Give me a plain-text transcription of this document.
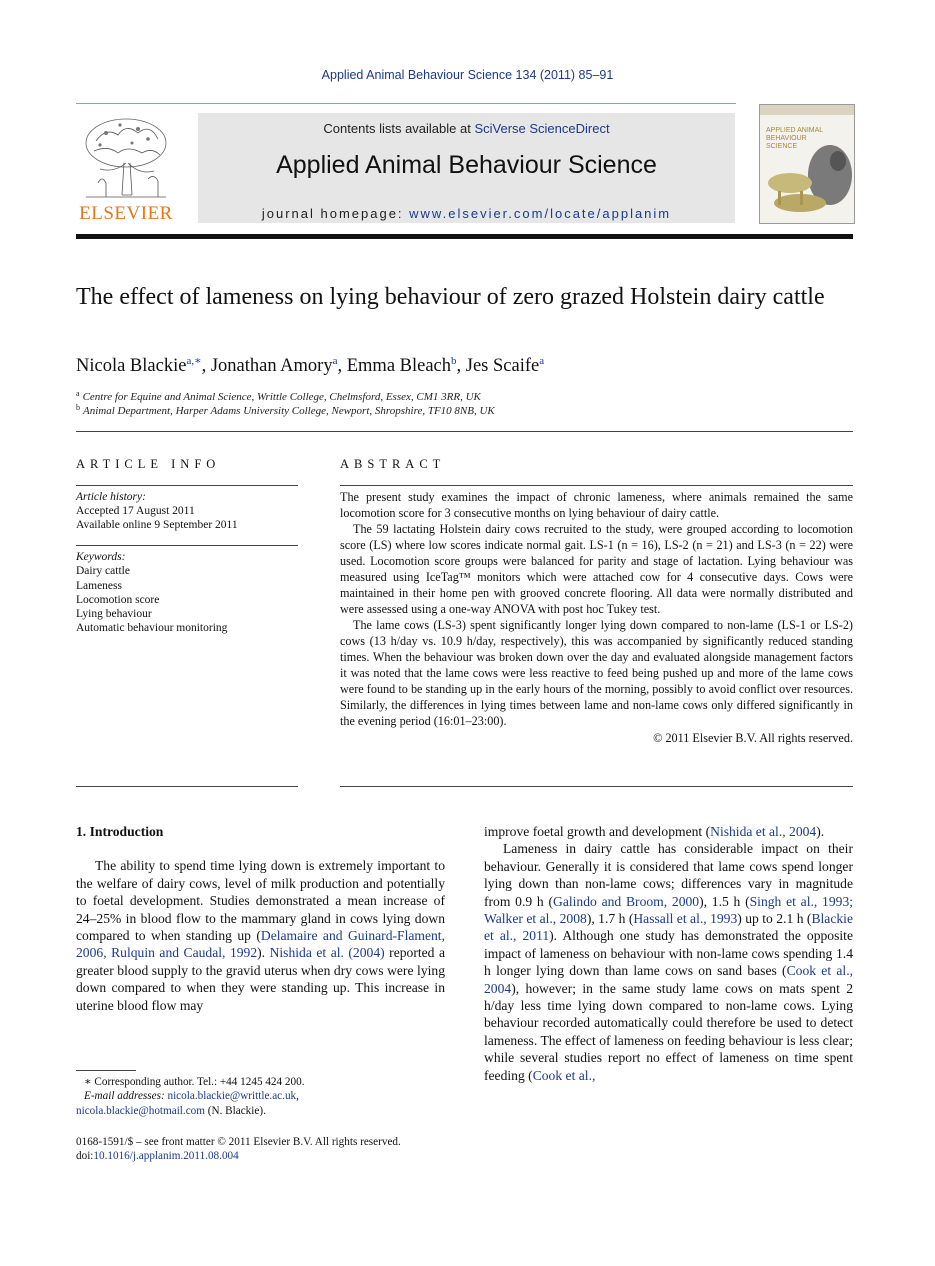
Applied Animal Behaviour Science 134 (2011) 85–91
ELSEVIER
Contents lists available at SciVerse ScienceDirect
Applied Animal Behaviour Science
journal homepage: www.elsevier.com/locate/applanim
APPLIED ANIMAL BEHAVIOUR SCIENCE
The effect of lameness on lying behaviour of zero grazed Holstein dairy cattle
Nicola Blackie$^{a,∗}$, Jonathan Amory$^a$, Emma Bleach$^b$, Jes Scaife$^a$
$^a$ Centre for Equine and Animal Science, Writtle College, Chelmsford, Essex, CM1 3RR, UK
$^b$ Animal Department, Harper Adams University College, Newport, Shropshire, TF10 8NB, UK
ARTICLE INFO
Article history:
Accepted 17 August 2011
Available online 9 September 2011
Keywords:
Dairy cattle
Lameness
Locomotion score
Lying behaviour
Automatic behaviour monitoring
ABSTRACT

The present study examines the impact of chronic lameness, where animals remained the same locomotion score for 3 consecutive months on lying behaviour of dairy cattle.

The 59 lactating Holstein dairy cows recruited to the study, were grouped according to locomotion score (LS) where low scores indicate normal gait. LS-1 (n = 16), LS-2 (n = 21) and LS-3 (n = 22) were used. Locomotion score groups were balanced for parity and stage of lactation. Lying behaviour was measured using IceTag™ monitors which were attached cow for 4 consecutive days. Cows were maintained in their home pen with grooved concrete flooring. All data were normally distributed and were assessed using a one-way ANOVA with post hoc Tukey test.

The lame cows (LS-3) spent significantly longer lying down compared to non-lame (LS-1 or LS-2) cows (13 h/day vs. 10.9 h/day, respectively), this was accompanied by significantly reduced standing times. When the behaviour was broken down over the day and evaluated alongside management factors it was noted that the lame cows were less reactive to feed being pushed up and more of the lame cows were found to be standing up in the early hours of the morning, possibly to avoid conflict over resources. Similarly, the differences in lying times between lame and non-lame cows only differed significantly in the evening period (16:01–23:00).

© 2011 Elsevier B.V. All rights reserved.
1. Introduction

The ability to spend time lying down is extremely important to the welfare of dairy cows, level of milk production and potentially to foetal development. Studies demonstrated a mean increase of 24–25% in blood flow to the mammary gland in cows lying down compared to when standing up (Delamaire and Guinard-Flament, 2006, Rulquin and Caudal, 1992). Nishida et al. (2004) reported a greater blood supply to the gravid uterus when dry cows were lying down compared to when they were standing up. This increase in uterine blood flow may

improve foetal growth and development (Nishida et al., 2004).

Lameness in dairy cattle has considerable impact on their behaviour. Generally it is considered that lame cows spend longer lying down than non-lame cows; differences vary in magnitude from 0.9 h (Galindo and Broom, 2000), 1.5 h (Singh et al., 1993; Walker et al., 2008), 1.7 h (Hassall et al., 1993) up to 2.1 h (Blackie et al., 2011). Although one study has demonstrated the opposite impact of lameness on behaviour with non-lame cows spending 1.4 h longer lying down than lame cows on sand bases (Cook et al., 2004), however; in the same study lame cows on mats spent 2 h/day less time lying down compared to non-lame cows. Lying behaviour recorded automatically could therefore be used to detect lameness. The effect of lameness on feeding behaviour is less clear; while several studies report no effect of lameness on time spent feeding (Cook et al.,

∗ Corresponding author. Tel.: +44 1245 424 200.
E-mail addresses: nicola.blackie@writtle.ac.uk,
nicola.blackie@hotmail.com (N. Blackie).
0168-1591/$ – see front matter © 2011 Elsevier B.V. All rights reserved.
doi:10.1016/j.applanim.2011.08.004
